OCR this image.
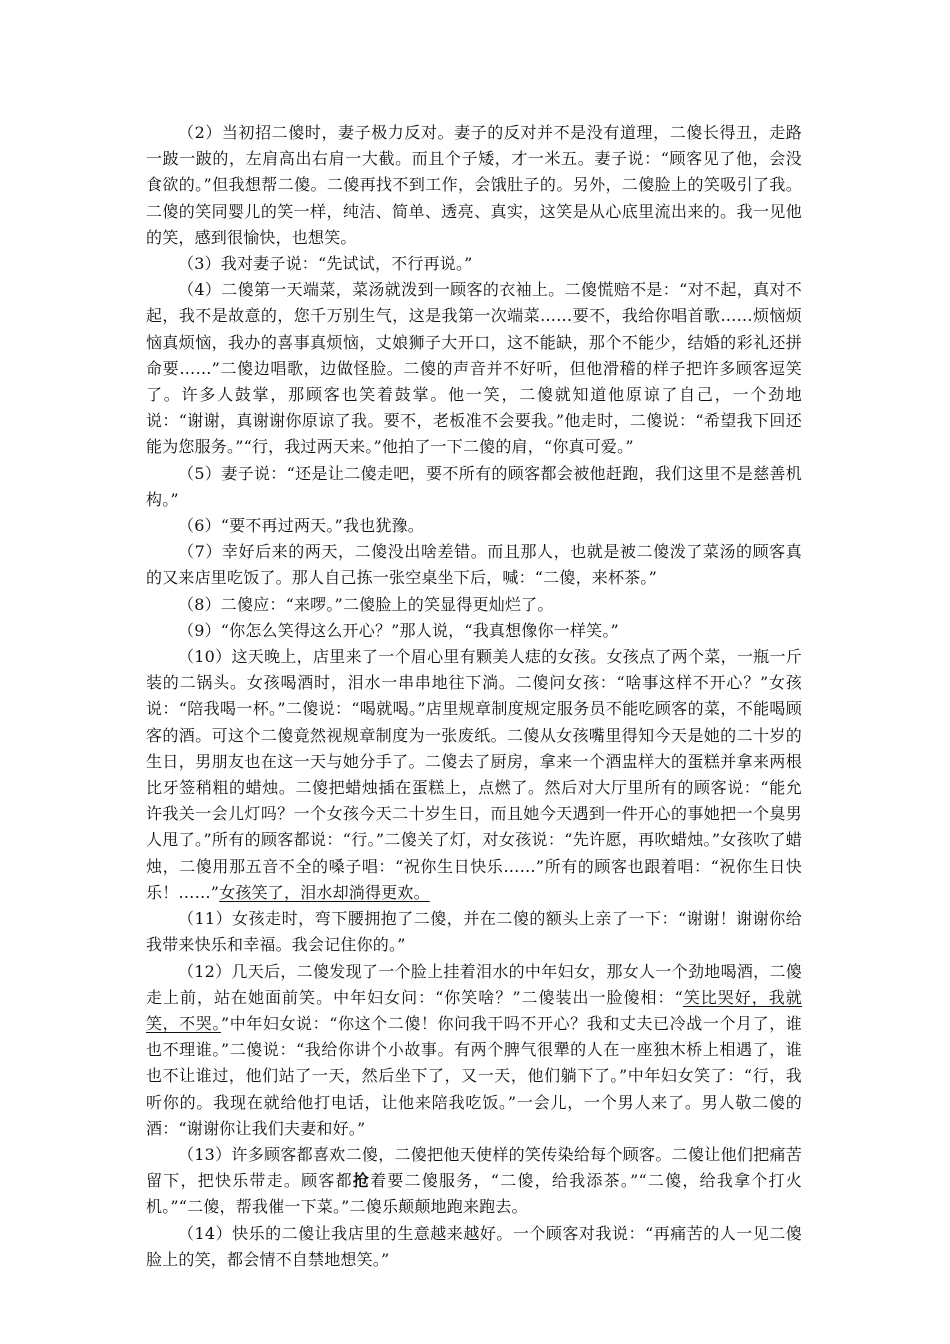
（2）当初招二傻时，妻子极力反对。妻子的反对并不是没有道理，二傻长得丑，走路一跛一跛的，左肩高出右肩一大截。而且个子矮，才一米五。妻子说：“顾客见了他，会没食欲的。”但我想帮二傻。二傻再找不到工作，会饿肚子的。另外，二傻脸上的笑吸引了我。二傻的笑同婴儿的笑一样，纯洁、简单、透亮、真实，这笑是从心底里流出来的。我一见他的笑，感到很愉快，也想笑。

（3）我对妻子说：“先试试，不行再说。”

（4）二傻第一天端菜，菜汤就泼到一顾客的衣袖上。二傻慌赔不是：“对不起，真对不起，我不是故意的，您千万别生气，这是我第一次端菜……要不，我给你唱首歌……烦恼烦恼真烦恼，我办的喜事真烦恼，丈娘狮子大开口，这不能缺，那个不能少，结婚的彩礼还拼命要……”二傻边唱歌，边做怪脸。二傻的声音并不好听，但他滑稽的样子把许多顾客逗笑了。许多人鼓掌，那顾客也笑着鼓掌。他一笑，二傻就知道他原谅了自己，一个劲地说：“谢谢，真谢谢你原谅了我。要不，老板准不会要我。”他走时，二傻说：“希望我下回还能为您服务。”“行，我过两天来。”他拍了一下二傻的肩，“你真可爱。”

（5）妻子说：“还是让二傻走吧，要不所有的顾客都会被他赶跑，我们这里不是慈善机构。”

（6）“要不再过两天。”我也犹豫。

（7）幸好后来的两天，二傻没出啥差错。而且那人，也就是被二傻泼了菜汤的顾客真的又来店里吃饭了。那人自己拣一张空桌坐下后，喊：“二傻，来杯茶。”

（8）二傻应：“来啰。”二傻脸上的笑显得更灿烂了。

（9）“你怎么笑得这么开心？”那人说，“我真想像你一样笑。”

（10）这天晚上，店里来了一个眉心里有颗美人痣的女孩。女孩点了两个菜，一瓶一斤装的二锅头。女孩喝酒时，泪水一串串地往下淌。二傻问女孩：“啥事这样不开心？”女孩说：“陪我喝一杯。”二傻说：“喝就喝。”店里规章制度规定服务员不能吃顾客的菜，不能喝顾客的酒。可这个二傻竟然视规章制度为一张废纸。二傻从女孩嘴里得知今天是她的二十岁的生日，男朋友也在这一天与她分手了。二傻去了厨房，拿来一个酒盅样大的蛋糕并拿来两根比牙签稍粗的蜡烛。二傻把蜡烛插在蛋糕上，点燃了。然后对大厅里所有的顾客说：“能允许我关一会儿灯吗？一个女孩今天二十岁生日，而且她今天遇到一件开心的事她把一个臭男人甩了。”所有的顾客都说：“行。”二傻关了灯，对女孩说：“先许愿，再吹蜡烛。”女孩吹了蜡烛，二傻用那五音不全的嗓子唱：“祝你生日快乐……”所有的顾客也跟着唱：“祝你生日快乐！……”女孩笑了，泪水却淌得更欢。

（11）女孩走时，弯下腰拥抱了二傻，并在二傻的额头上亲了一下：“谢谢！谢谢你给我带来快乐和幸福。我会记住你的。”

（12）几天后，二傻发现了一个脸上挂着泪水的中年妇女，那女人一个劲地喝酒，二傻走上前，站在她面前笑。中年妇女问：“你笑啥？”二傻装出一脸傻相：“笑比哭好，我就笑，不哭。”中年妇女说：“你这个二傻！你问我干吗不开心？我和丈夫已冷战一个月了，谁也不理谁。”二傻说：“我给你讲个小故事。有两个脾气很犟的人在一座独木桥上相遇了，谁也不让谁过，他们站了一天，然后坐下了，又一天，他们躺下了。”中年妇女笑了：“行，我听你的。我现在就给他打电话，让他来陪我吃饭。”一会儿，一个男人来了。男人敬二傻的酒：“谢谢你让我们夫妻和好。”

（13）许多顾客都喜欢二傻，二傻把他天使样的笑传染给每个顾客。二傻让他们把痛苦留下，把快乐带走。顾客都抢着要二傻服务，“二傻，给我添茶。”“二傻，给我拿个打火机。”“二傻，帮我催一下菜。”二傻乐颠颠地跑来跑去。

（14）快乐的二傻让我店里的生意越来越好。一个顾客对我说：“再痛苦的人一见二傻脸上的笑，都会情不自禁地想笑。”
